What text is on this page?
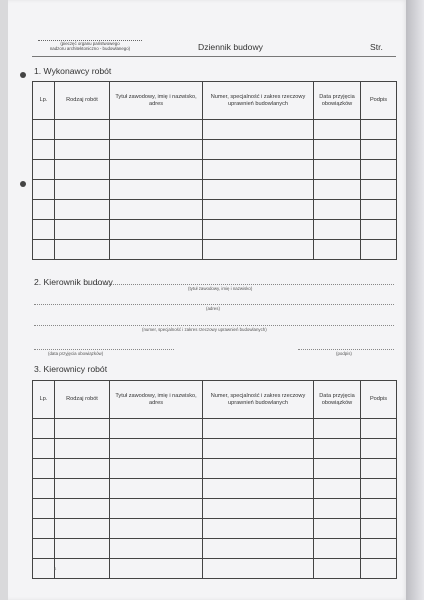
(pieczęć organu państwowego
nadzoru architektoniczno - budowlanego)	Dziennik budowy	Str.
1. Wykonawcy robót
Lp.	Rodzaj robót	Tytuł zawodowy, imię i nazwisko, adres	Numer, specjalność i zakres rzeczowy uprawnień budowlanych	Data przyjęcia obowiązków	Podpis

2. Kierownik budowy
(tytuł zawodowy, imię i nazwisko)
(adres)
(numer, specjalność i zakres rzeczowy uprawnień budowlanych)
(data przyjęcia obowiązków)	(podpis)
3. Kierownicy robót
Lp.	Rodzaj robót	Tytuł zawodowy, imię i nazwisko, adres	Numer, specjalność i zakres rzeczowy uprawnień budowlanych	Data przyjęcia obowiązków	Podpis

4
